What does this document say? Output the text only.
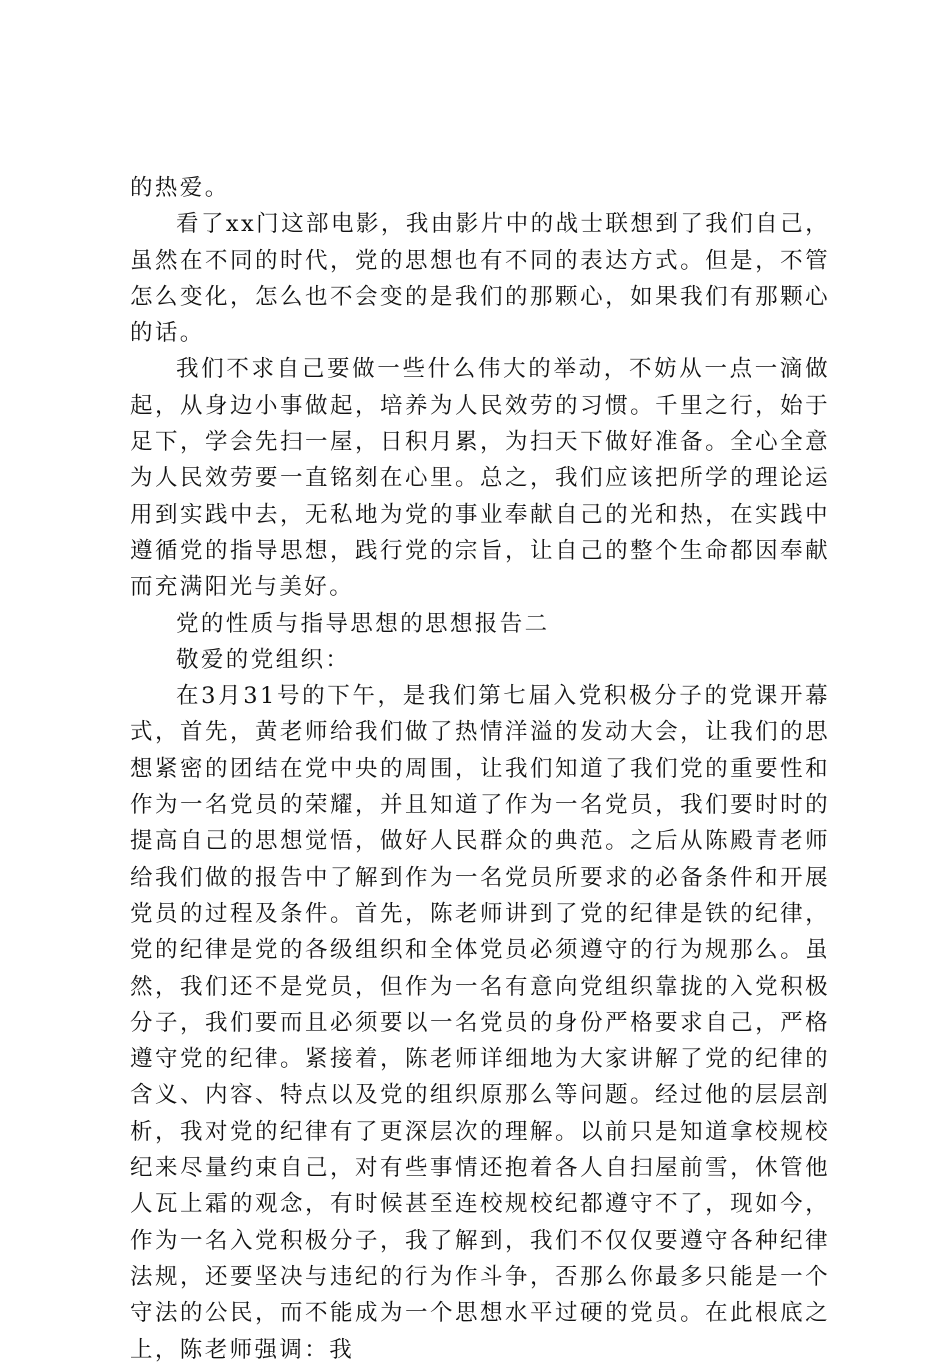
的热爱。

看了xx门这部电影，我由影片中的战士联想到了我们自己，虽然在不同的时代，党的思想也有不同的表达方式。但是，不管怎么变化，怎么也不会变的是我们的那颗心，如果我们有那颗心的话。

我们不求自己要做一些什么伟大的举动，不妨从一点一滴做起，从身边小事做起，培养为人民效劳的习惯。千里之行，始于足下，学会先扫一屋，日积月累，为扫天下做好准备。全心全意为人民效劳要一直铭刻在心里。总之，我们应该把所学的理论运用到实践中去，无私地为党的事业奉献自己的光和热，在实践中遵循党的指导思想，践行党的宗旨，让自己的整个生命都因奉献而充满阳光与美好。

党的性质与指导思想的思想报告二

敬爱的党组织：

在3月31号的下午，是我们第七届入党积极分子的党课开幕式，首先，黄老师给我们做了热情洋溢的发动大会，让我们的思想紧密的团结在党中央的周围，让我们知道了我们党的重要性和作为一名党员的荣耀，并且知道了作为一名党员，我们要时时的提高自己的思想觉悟，做好人民群众的典范。之后从陈殿青老师给我们做的报告中了解到作为一名党员所要求的必备条件和开展党员的过程及条件。首先，陈老师讲到了党的纪律是铁的纪律，党的纪律是党的各级组织和全体党员必须遵守的行为规那么。虽然，我们还不是党员，但作为一名有意向党组织靠拢的入党积极分子，我们要而且必须要以一名党员的身份严格要求自己，严格遵守党的纪律。紧接着，陈老师详细地为大家讲解了党的纪律的含义、内容、特点以及党的组织原那么等问题。经过他的层层剖析，我对党的纪律有了更深层次的理解。以前只是知道拿校规校纪来尽量约束自己，对有些事情还抱着各人自扫屋前雪，休管他人瓦上霜的观念，有时候甚至连校规校纪都遵守不了，现如今，作为一名入党积极分子，我了解到，我们不仅仅要遵守各种纪律法规，还要坚决与违纪的行为作斗争，否那么你最多只能是一个守法的公民，而不能成为一个思想水平过硬的党员。在此根底之上，陈老师强调：我
